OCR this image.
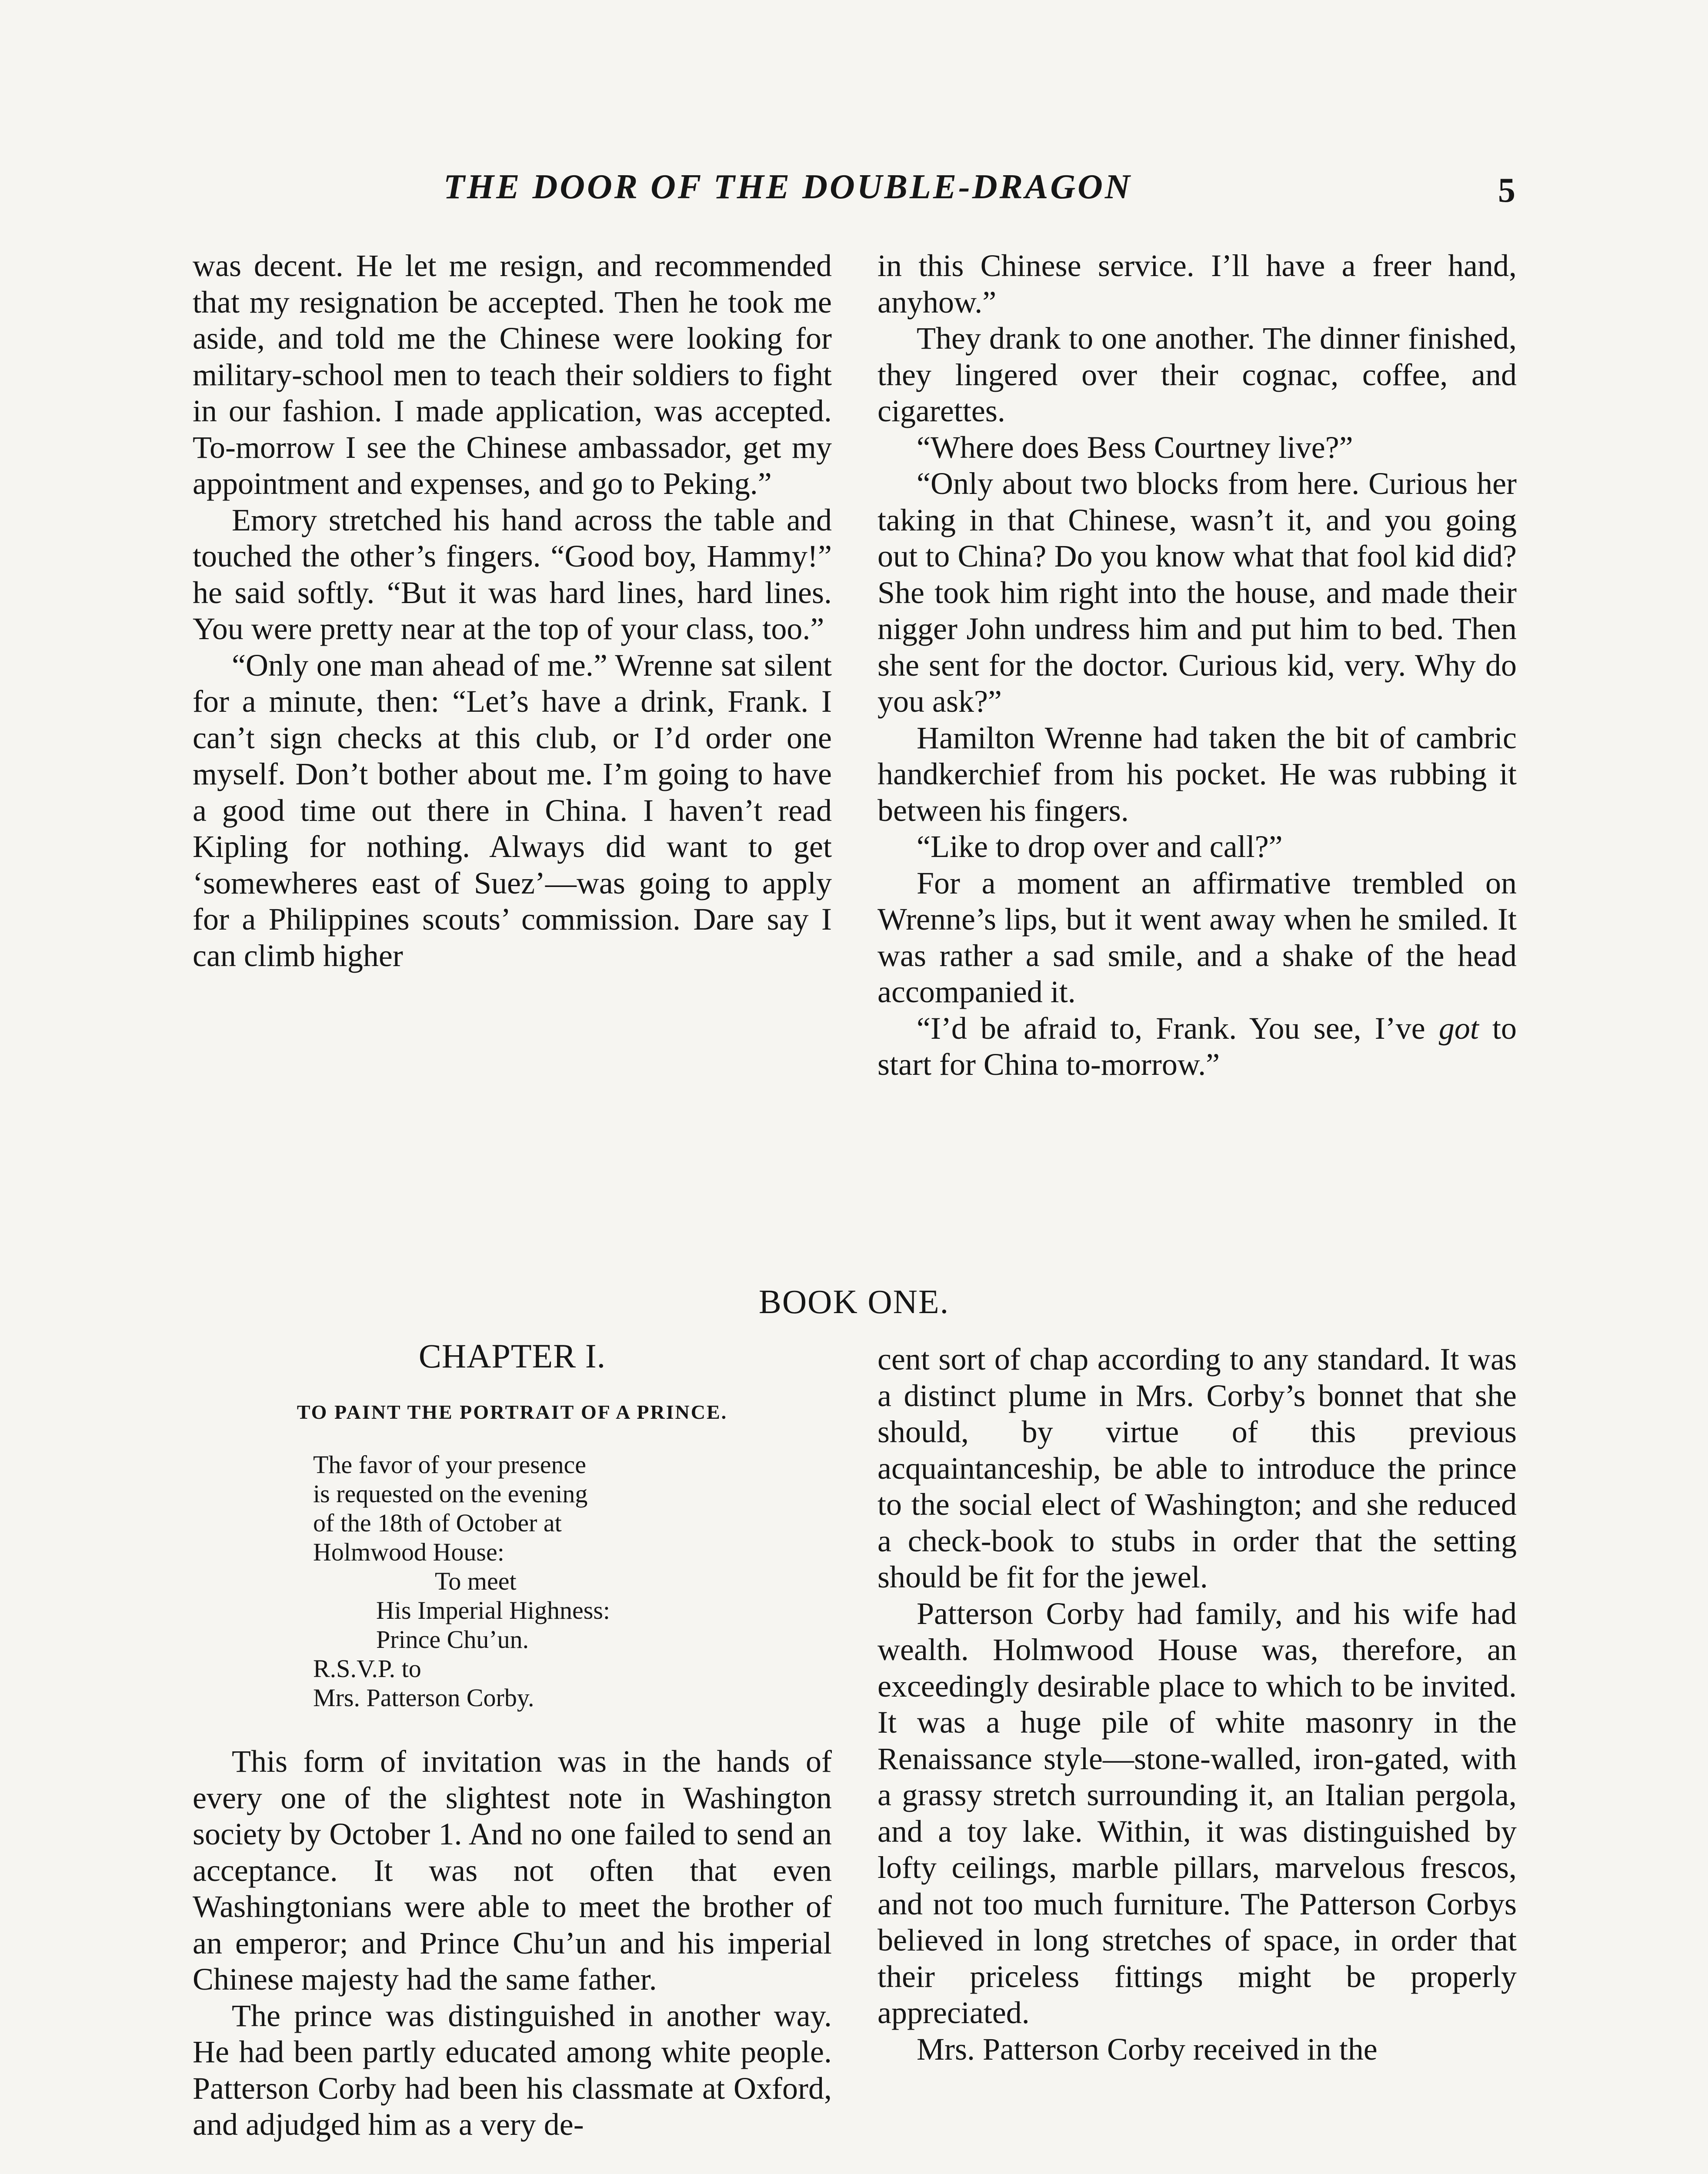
THE DOOR OF THE DOUBLE-DRAGON	5

was decent. He let me resign, and recommended that my resignation be accepted. Then he took me aside, and told me the Chinese were looking for military-school men to teach their soldiers to fight in our fashion. I made application, was accepted. To-morrow I see the Chinese ambassador, get my appointment and expenses, and go to Peking.”

Emory stretched his hand across the table and touched the other’s fingers. “Good boy, Hammy!” he said softly. “But it was hard lines, hard lines. You were pretty near at the top of your class, too.”

“Only one man ahead of me.” Wrenne sat silent for a minute, then: “Let’s have a drink, Frank. I can’t sign checks at this club, or I’d order one myself. Don’t bother about me. I’m going to have a good time out there in China. I haven’t read Kipling for nothing. Always did want to get ‘somewheres east of Suez’—was going to apply for a Philippines scouts’ commission. Dare say I can climb higher

in this Chinese service. I’ll have a freer hand, anyhow.”

They drank to one another. The dinner finished, they lingered over their cognac, coffee, and cigarettes.

“Where does Bess Courtney live?”

“Only about two blocks from here. Curious her taking in that Chinese, wasn’t it, and you going out to China? Do you know what that fool kid did? She took him right into the house, and made their nigger John undress him and put him to bed. Then she sent for the doctor. Curious kid, very. Why do you ask?”

Hamilton Wrenne had taken the bit of cambric handkerchief from his pocket. He was rubbing it between his fingers.

“Like to drop over and call?”

For a moment an affirmative trembled on Wrenne’s lips, but it went away when he smiled. It was rather a sad smile, and a shake of the head accompanied it.

“I’d be afraid to, Frank. You see, I’ve got to start for China to-morrow.”

BOOK ONE.
CHAPTER I.
TO PAINT THE PORTRAIT OF A PRINCE.
The favor of your presence
is requested on the evening
of the 18th of October at
Holmwood House:
To meet
His Imperial Highness:
Prince Chu’un.
R.S.V.P. to
Mrs. Patterson Corby.

This form of invitation was in the hands of every one of the slightest note in Washington society by October 1. And no one failed to send an acceptance. It was not often that even Washingtonians were able to meet the brother of an emperor; and Prince Chu’un and his imperial Chinese majesty had the same father.

The prince was distinguished in another way. He had been partly educated among white people. Patterson Corby had been his classmate at Oxford, and adjudged him as a very de-

cent sort of chap according to any standard. It was a distinct plume in Mrs. Corby’s bonnet that she should, by virtue of this previous acquaintanceship, be able to introduce the prince to the social elect of Washington; and she reduced a check-book to stubs in order that the setting should be fit for the jewel.

Patterson Corby had family, and his wife had wealth. Holmwood House was, therefore, an exceedingly desirable place to which to be invited. It was a huge pile of white masonry in the Renaissance style—stone-walled, iron-gated, with a grassy stretch surrounding it, an Italian pergola, and a toy lake. Within, it was distinguished by lofty ceilings, marble pillars, marvelous frescos, and not too much furniture. The Patterson Corbys believed in long stretches of space, in order that their priceless fittings might be properly appreciated.

Mrs. Patterson Corby received in the
